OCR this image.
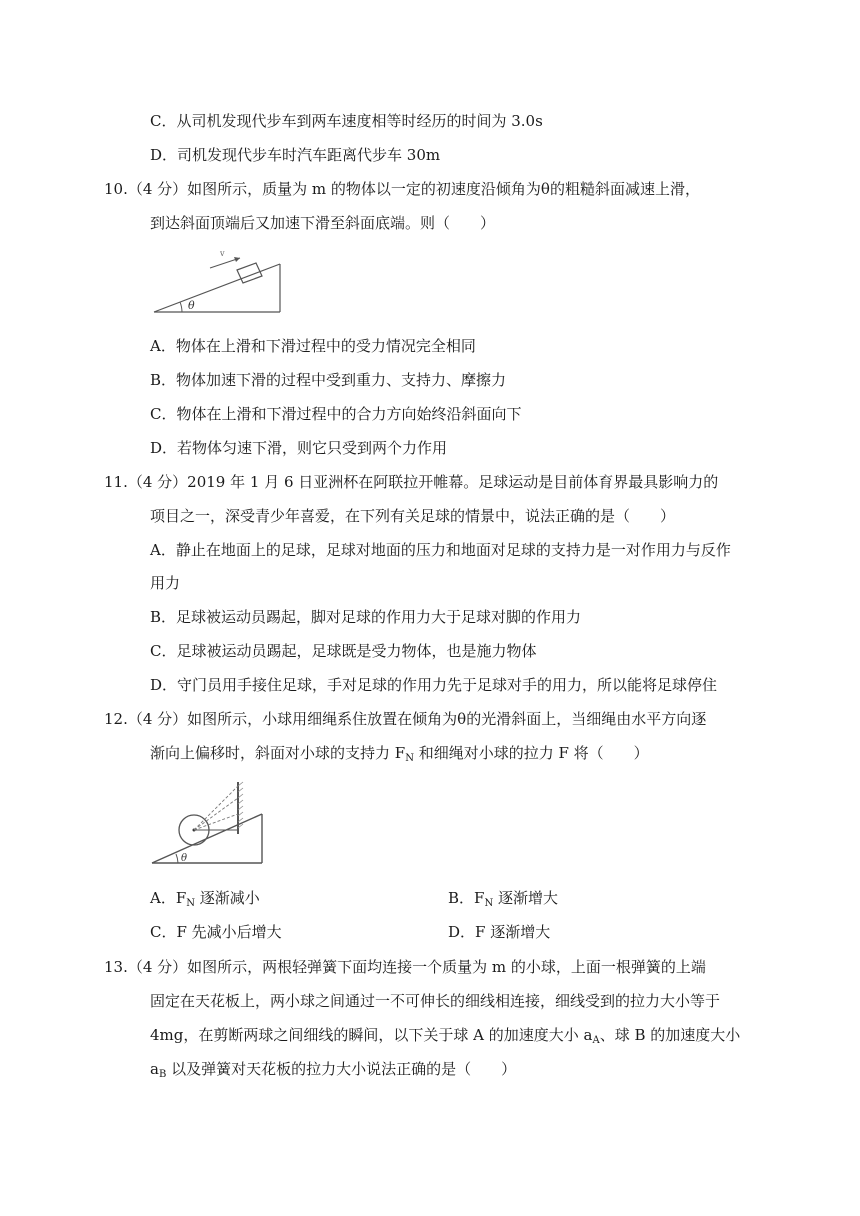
C．从司机发现代步车到两车速度相等时经历的时间为 3.0s
D．司机发现代步车时汽车距离代步车 30m
10.（4 分）如图所示，质量为 m 的物体以一定的初速度沿倾角为θ的粗糙斜面减速上滑，
到达斜面顶端后又加速下滑至斜面底端。则（　　）
v
θ
A．物体在上滑和下滑过程中的受力情况完全相同
B．物体加速下滑的过程中受到重力、支持力、摩擦力
C．物体在上滑和下滑过程中的合力方向始终沿斜面向下
D．若物体匀速下滑，则它只受到两个力作用
11.（4 分）2019 年 1 月 6 日亚洲杯在阿联拉开帷幕。足球运动是目前体育界最具影响力的
项目之一，深受青少年喜爱，在下列有关足球的情景中，说法正确的是（　　）
A．静止在地面上的足球，足球对地面的压力和地面对足球的支持力是一对作用力与反作
用力
B．足球被运动员踢起，脚对足球的作用力大于足球对脚的作用力
C．足球被运动员踢起，足球既是受力物体，也是施力物体
D．守门员用手接住足球，手对足球的作用力先于足球对手的用力，所以能将足球停住
12.（4 分）如图所示，小球用细绳系住放置在倾角为θ的光滑斜面上，当细绳由水平方向逐
渐向上偏移时，斜面对小球的支持力 $F_N$ 和细绳对小球的拉力 F 将（　　）
θ
A．$F_N$ 逐渐减小	B．$F_N$ 逐渐增大
C．F 先减小后增大	D．F 逐渐增大
13.（4 分）如图所示，两根轻弹簧下面均连接一个质量为 m 的小球，上面一根弹簧的上端
固定在天花板上，两小球之间通过一不可伸长的细线相连接，细线受到的拉力大小等于
4mg，在剪断两球之间细线的瞬间，以下关于球 A 的加速度大小 $a_A$、球 B 的加速度大小
$a_B$ 以及弹簧对天花板的拉力大小说法正确的是（　　）
